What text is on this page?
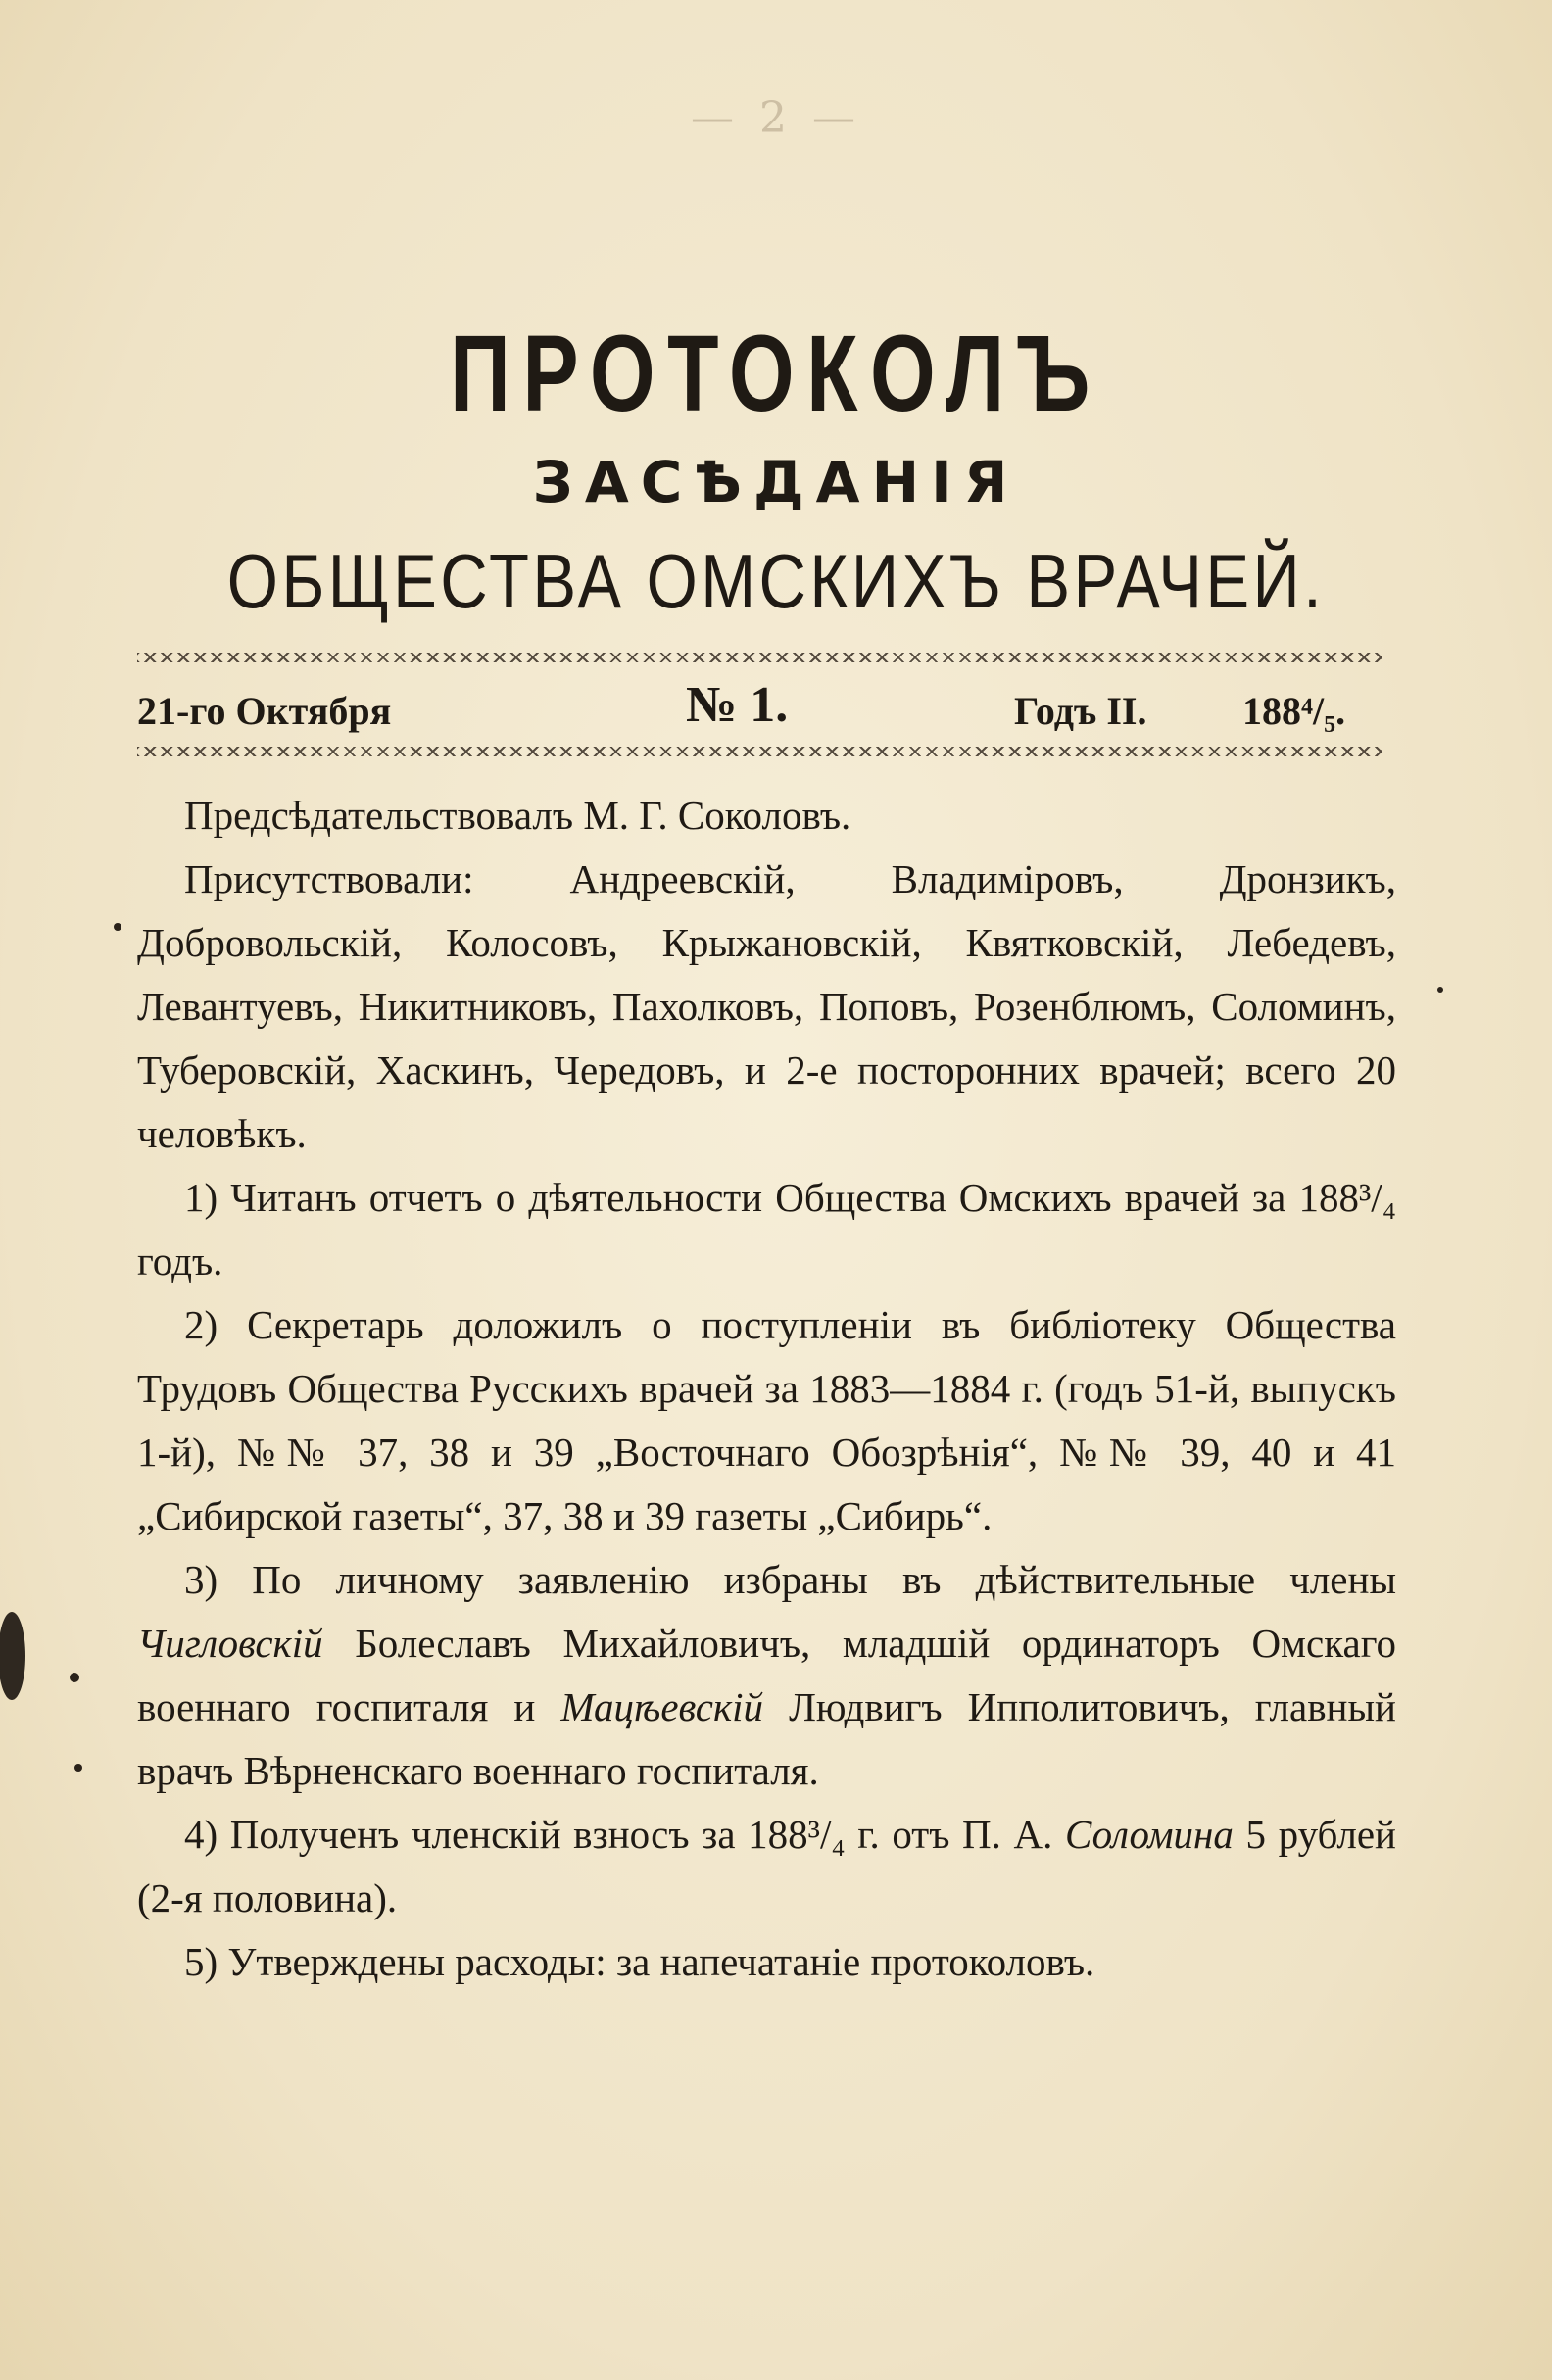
— 2 —
ПРОТОКОЛЪ
ЗАСѢДАНІЯ
ОБЩЕСТВА ОМСКИХЪ ВРАЧЕЙ.
21-го Октября	№ 1.	Годъ II. 188⁴/₅.

Предсѣдательствовалъ М. Г. Соколовъ.

Присутствовали: Андреевскій, Владиміровъ, Дронзикъ, Добровольскій, Колосовъ, Крыжановскій, Квятковскій, Лебедевъ, Левантуевъ, Никитниковъ, Пахолковъ, Поповъ, Розенблюмъ, Соломинъ, Туберовскій, Хаскинъ, Чередовъ, и 2-е посторонних врачей; всего 20 человѣкъ.

1) Читанъ отчетъ о дѣятельности Общества Омскихъ врачей за 188³/₄ годъ.

2) Секретарь доложилъ о поступленіи въ библіотеку Общества Трудовъ Общества Русскихъ врачей за 1883—1884 г. (годъ 51-й, выпускъ 1-й), №№ 37, 38 и 39 „Восточнаго Обозрѣнія“, №№ 39, 40 и 41 „Сибирской газеты“, 37, 38 и 39 газеты „Сибирь“.

3) По личному заявленію избраны въ дѣйствительные члены Чигловскій Болеславъ Михайловичъ, младшій ординаторъ Омскаго военнаго госпиталя и Мацѣевскій Людвигъ Ипполитовичъ, главный врачъ Вѣрненскаго военнаго госпиталя.

4) Полученъ членскій взносъ за 188³/₄ г. отъ П. А. Соломина 5 рублей (2-я половина).

5) Утверждены расходы: за напечатаніе протоколовъ.
